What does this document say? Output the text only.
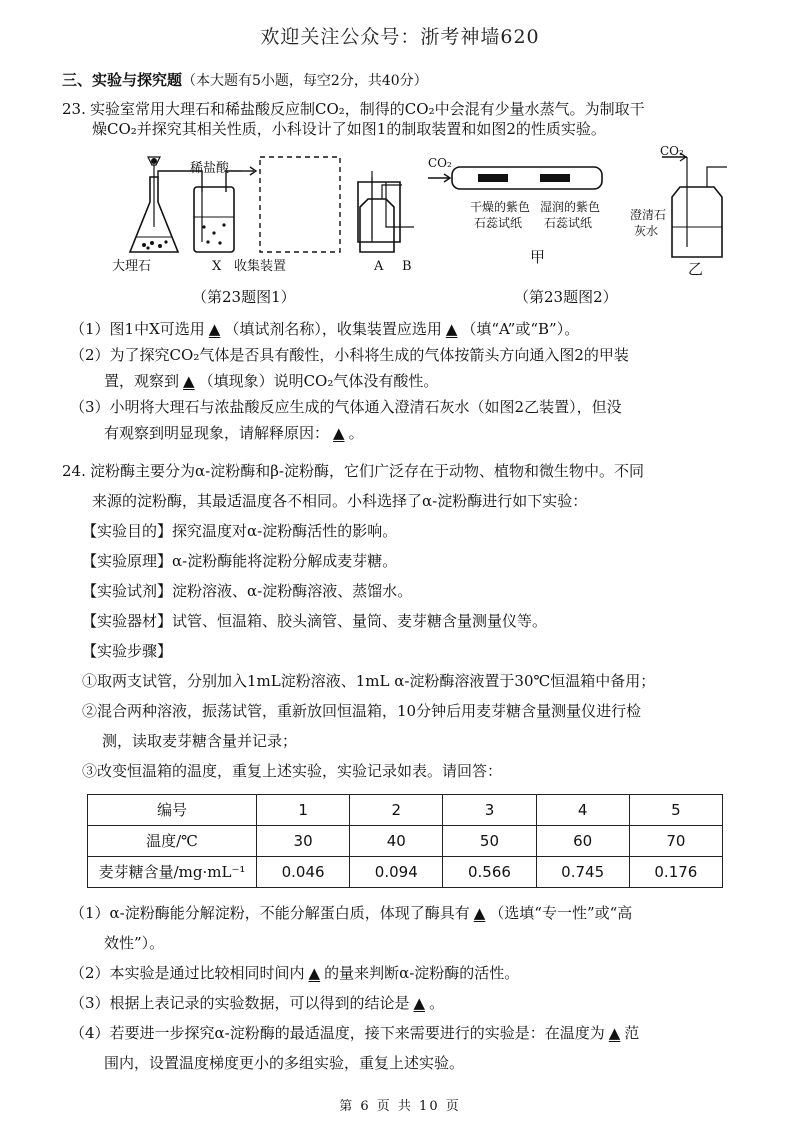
欢迎关注公众号：浙考神墙620

三、实验与探究题（本大题有5小题，每空2分，共40分）

23. 实验室常用大理石和稀盐酸反应制CO₂，制得的CO₂中会混有少量水蒸气。为制取干

燥CO₂并探究其相关性质，小科设计了如图1的制取装置和如图2的性质实验。

稀盐酸
大理石	X 收集装置	A B
（第23题图1）
CO₂
CO₂
干燥的紫色
石蕊试纸
湿润的紫色
石蕊试纸
澄清石
灰水
甲
乙
（第23题图2）

（1）图1中X可选用 ▲ （填试剂名称），收集装置应选用 ▲ （填“A”或“B”）。

（2）为了探究CO₂气体是否具有酸性，小科将生成的气体按箭头方向通入图2的甲装

置，观察到 ▲ （填现象）说明CO₂气体没有酸性。

（3）小明将大理石与浓盐酸反应生成的气体通入澄清石灰水（如图2乙装置），但没

有观察到明显现象，请解释原因： ▲ 。

24. 淀粉酶主要分为α-淀粉酶和β-淀粉酶，它们广泛存在于动物、植物和微生物中。不同

来源的淀粉酶，其最适温度各不相同。小科选择了α-淀粉酶进行如下实验：

【实验目的】探究温度对α-淀粉酶活性的影响。

【实验原理】α-淀粉酶能将淀粉分解成麦芽糖。

【实验试剂】淀粉溶液、α-淀粉酶溶液、蒸馏水。

【实验器材】试管、恒温箱、胶头滴管、量筒、麦芽糖含量测量仪等。

【实验步骤】

①取两支试管，分别加入1mL淀粉溶液、1mL α-淀粉酶溶液置于30℃恒温箱中备用；

②混合两种溶液，振荡试管，重新放回恒温箱，10分钟后用麦芽糖含量测量仪进行检

测，读取麦芽糖含量并记录；

③改变恒温箱的温度，重复上述实验，实验记录如表。请回答：

编号	1	2	3	4	5
温度/℃	30	40	50	60	70
麦芽糖含量/mg·mL⁻¹	0.046	0.094	0.566	0.745	0.176

（1）α-淀粉酶能分解淀粉，不能分解蛋白质，体现了酶具有 ▲ （选填“专一性”或“高

效性”）。

（2）本实验是通过比较相同时间内 ▲ 的量来判断α-淀粉酶的活性。

（3）根据上表记录的实验数据，可以得到的结论是 ▲ 。

（4）若要进一步探究α-淀粉酶的最适温度，接下来需要进行的实验是：在温度为 ▲ 范

围内，设置温度梯度更小的多组实验，重复上述实验。

第 6 页 共 10 页
